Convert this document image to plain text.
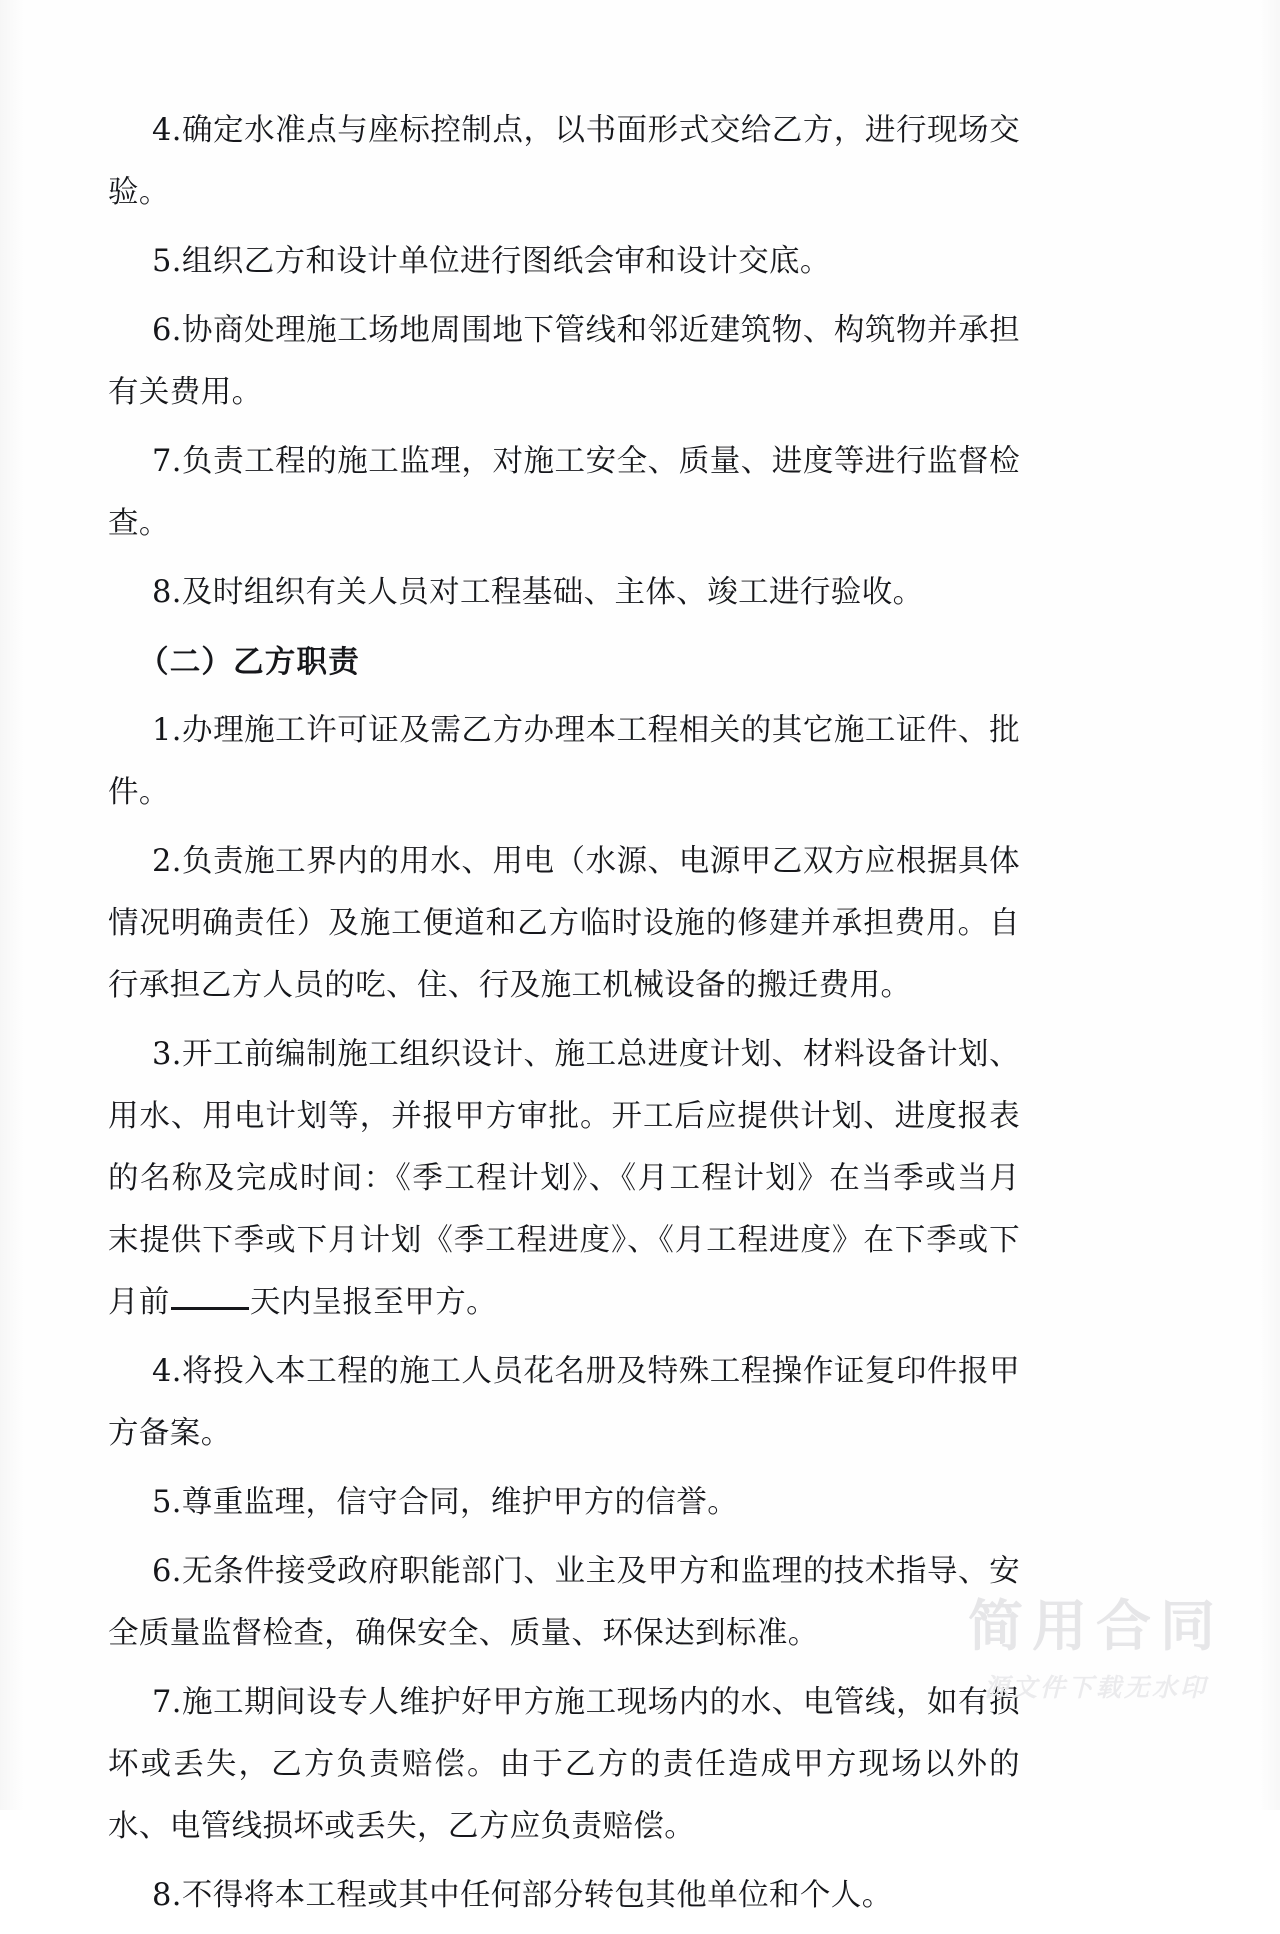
4.确定水准点与座标控制点，以书面形式交给乙方，进行现场交验。

5.组织乙方和设计单位进行图纸会审和设计交底。

6.协商处理施工场地周围地下管线和邻近建筑物、构筑物并承担有关费用。

7.负责工程的施工监理，对施工安全、质量、进度等进行监督检查。

8.及时组织有关人员对工程基础、主体、竣工进行验收。

（二）乙方职责

1.办理施工许可证及需乙方办理本工程相关的其它施工证件、批件。

2.负责施工界内的用水、用电（水源、电源甲乙双方应根据具体情况明确责任）及施工便道和乙方临时设施的修建并承担费用。自行承担乙方人员的吃、住、行及施工机械设备的搬迁费用。

3.开工前编制施工组织设计、施工总进度计划、材料设备计划、用水、用电计划等，并报甲方审批。开工后应提供计划、进度报表的名称及完成时间：《季工程计划》、《月工程计划》在当季或当月末提供下季或下月计划《季工程进度》、《月工程进度》在下季或下月前	天内呈报至甲方。

4.将投入本工程的施工人员花名册及特殊工程操作证复印件报甲方备案。

5.尊重监理，信守合同，维护甲方的信誉。

6.无条件接受政府职能部门、业主及甲方和监理的技术指导、安全质量监督检查，确保安全、质量、环保达到标准。

7.施工期间设专人维护好甲方施工现场内的水、电管线，如有损坏或丢失，乙方负责赔偿。由于乙方的责任造成甲方现场以外的水、电管线损坏或丢失，乙方应负责赔偿。

8.不得将本工程或其中任何部分转包其他单位和个人。

简用合同
源文件下载无水印
